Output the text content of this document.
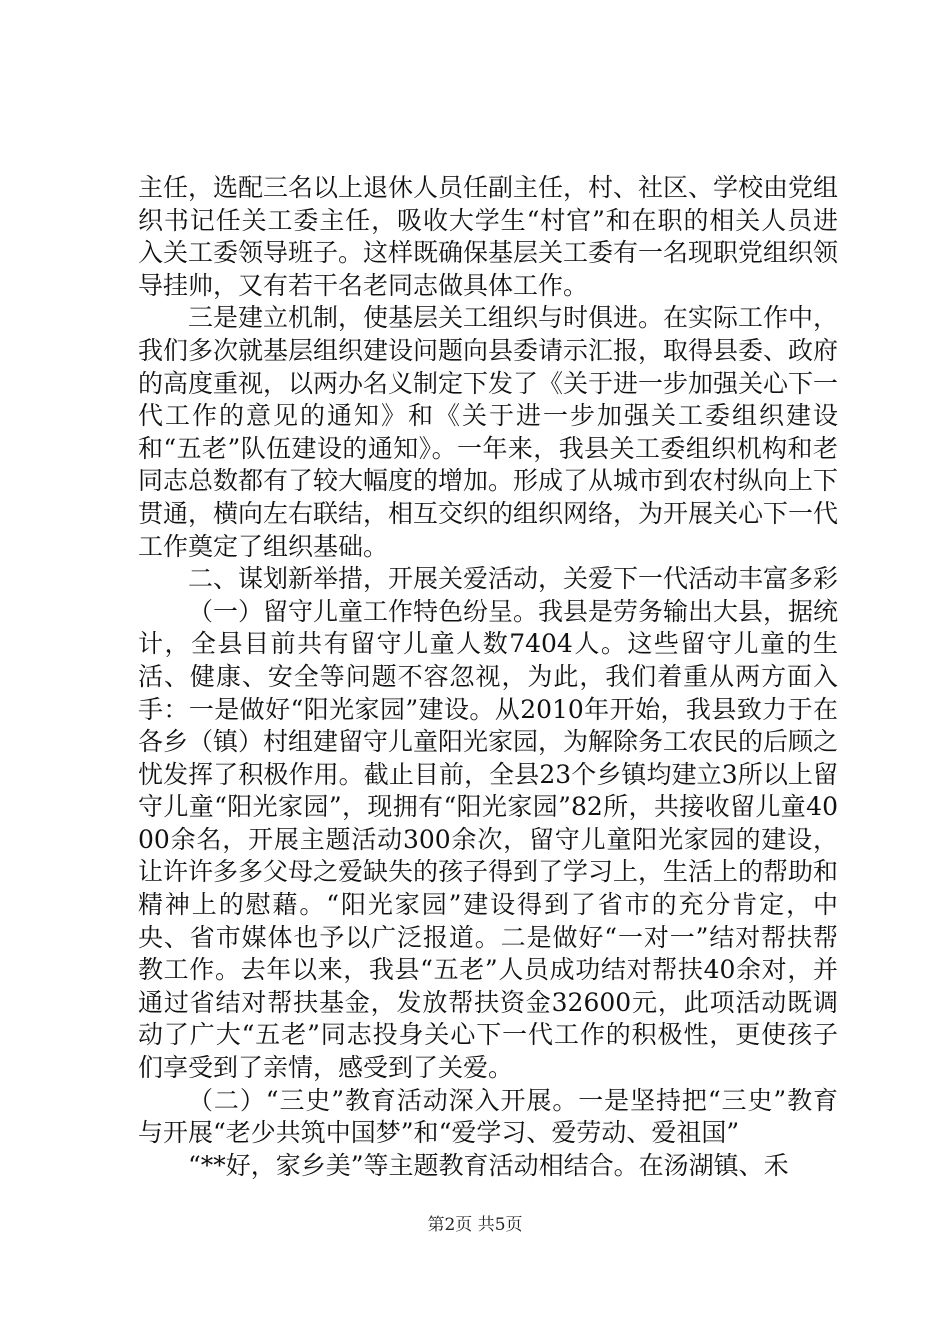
主任，选配三名以上退休人员任副主任，村、社区、学校由党组织书记任关工委主任，吸收大学生“村官”和在职的相关人员进入关工委领导班子。这样既确保基层关工委有一名现职党组织领导挂帅，又有若干名老同志做具体工作。

三是建立机制，使基层关工组织与时俱进。在实际工作中，我们多次就基层组织建设问题向县委请示汇报，取得县委、政府的高度重视，以两办名义制定下发了《关于进一步加强关心下一代工作的意见的通知》和《关于进一步加强关工委组织建设和“五老”队伍建设的通知》。一年来，我县关工委组织机构和老同志总数都有了较大幅度的增加。形成了从城市到农村纵向上下贯通，横向左右联结，相互交织的组织网络，为开展关心下一代工作奠定了组织基础。

二、谋划新举措，开展关爱活动，关爱下一代活动丰富多彩

（一）留守儿童工作特色纷呈。我县是劳务输出大县，据统计，全县目前共有留守儿童人数7404人。这些留守儿童的生活、健康、安全等问题不容忽视，为此，我们着重从两方面入手：一是做好“阳光家园”建设。从2010年开始，我县致力于在各乡（镇）村组建留守儿童阳光家园，为解除务工农民的后顾之忧发挥了积极作用。截止目前，全县23个乡镇均建立3所以上留守儿童“阳光家园”，现拥有“阳光家园”82所，共接收留儿童4000余名，开展主题活动300余次，留守儿童阳光家园的建设，让许许多多父母之爱缺失的孩子得到了学习上，生活上的帮助和精神上的慰藉。“阳光家园”建设得到了省市的充分肯定，中央、省市媒体也予以广泛报道。二是做好“一对一”结对帮扶帮教工作。去年以来，我县“五老”人员成功结对帮扶40余对，并通过省结对帮扶基金，发放帮扶资金32600元，此项活动既调动了广大“五老”同志投身关心下一代工作的积极性，更使孩子们享受到了亲情，感受到了关爱。

（二）“三史”教育活动深入开展。一是坚持把“三史”教育与开展“老少共筑中国梦”和“爱学习、爱劳动、爱祖国”

“**好，家乡美”等主题教育活动相结合。在汤湖镇、禾

第2页 共5页
